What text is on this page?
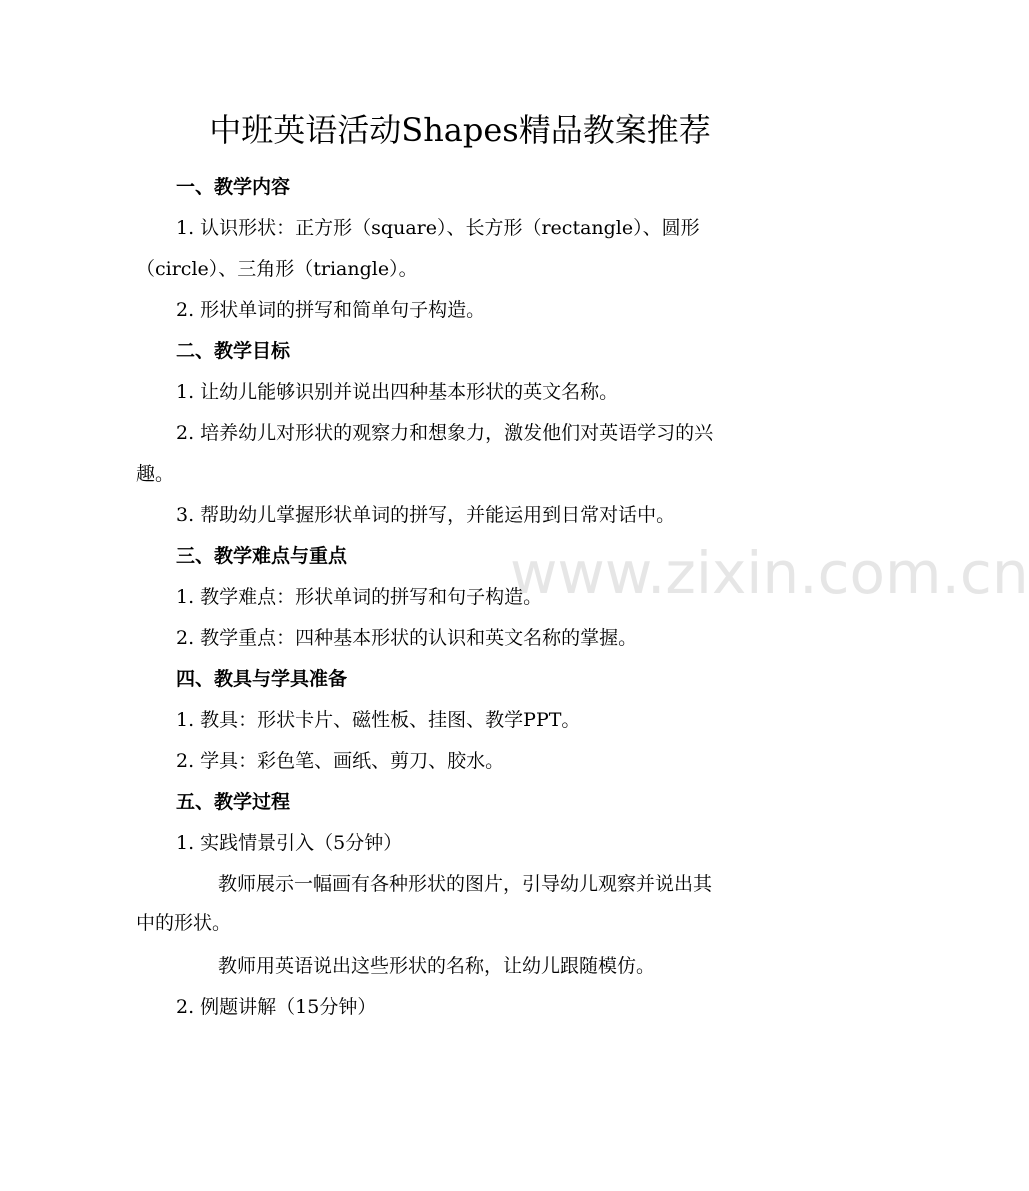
www.zixin.com.cn
中班英语活动Shapes精品教案推荐

一、教学内容

1. 认识形状：正方形（square）、长方形（rectangle）、圆形

（circle）、三角形（triangle）。

2. 形状单词的拼写和简单句子构造。

二、教学目标

1. 让幼儿能够识别并说出四种基本形状的英文名称。

2. 培养幼儿对形状的观察力和想象力，激发他们对英语学习的兴

趣。

3. 帮助幼儿掌握形状单词的拼写，并能运用到日常对话中。

三、教学难点与重点

1. 教学难点：形状单词的拼写和句子构造。

2. 教学重点：四种基本形状的认识和英文名称的掌握。

四、教具与学具准备

1. 教具：形状卡片、磁性板、挂图、教学PPT。

2. 学具：彩色笔、画纸、剪刀、胶水。

五、教学过程

1. 实践情景引入（5分钟）

教师展示一幅画有各种形状的图片，引导幼儿观察并说出其

中的形状。

教师用英语说出这些形状的名称，让幼儿跟随模仿。

2. 例题讲解（15分钟）
